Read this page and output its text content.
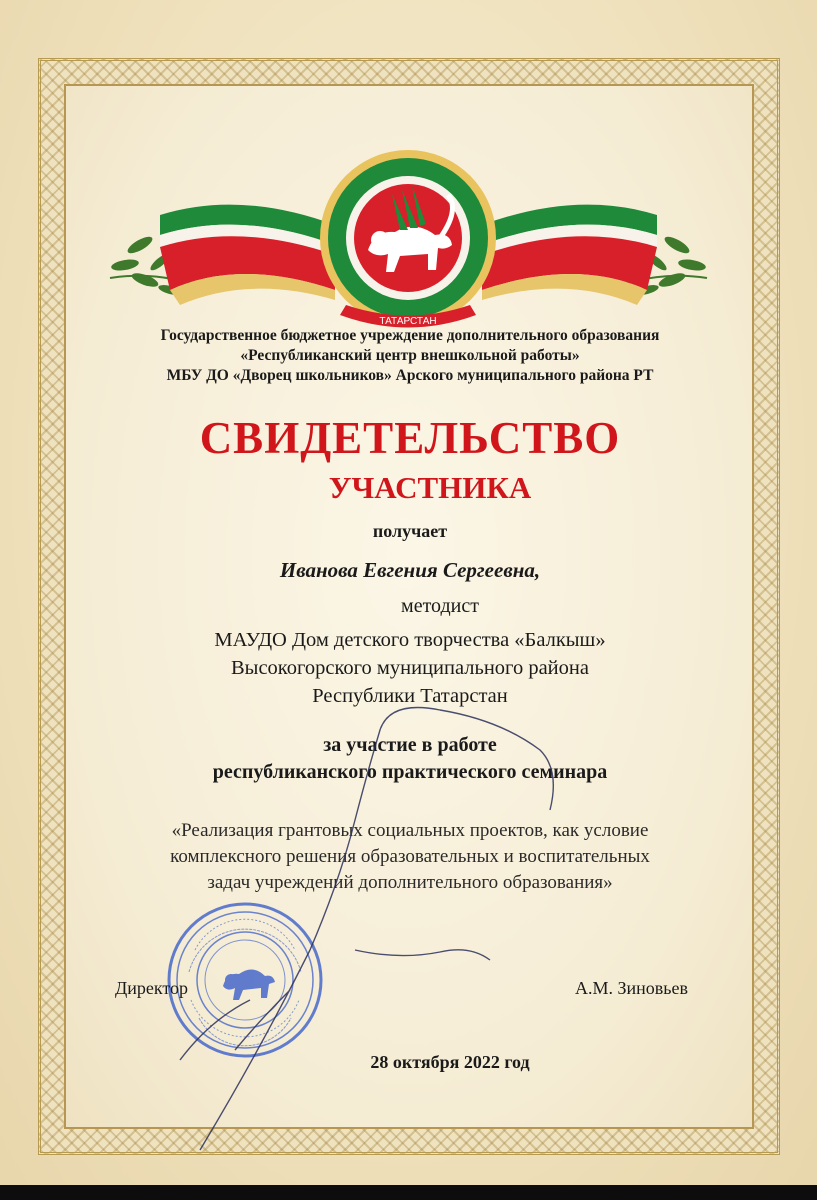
ТАТАРСТАН
Государственное бюджетное учреждение дополнительного образования
«Республиканский центр внешкольной работы»
МБУ ДО «Дворец школьников» Арского муниципального района РТ
СВИДЕТЕЛЬСТВО
УЧАСТНИКА
получает
Иванова Евгения Сергеевна,
методист
МАУДО Дом детского творчества «Балкыш»
Высокогорского муниципального района
Республики Татарстан
за участие в работе
республиканского практического семинара
«Реализация грантовых социальных проектов, как условие
комплексного решения образовательных и воспитательных
задач учреждений дополнительного образования»
Директор	А.М. Зиновьев
28 октября 2022 год
